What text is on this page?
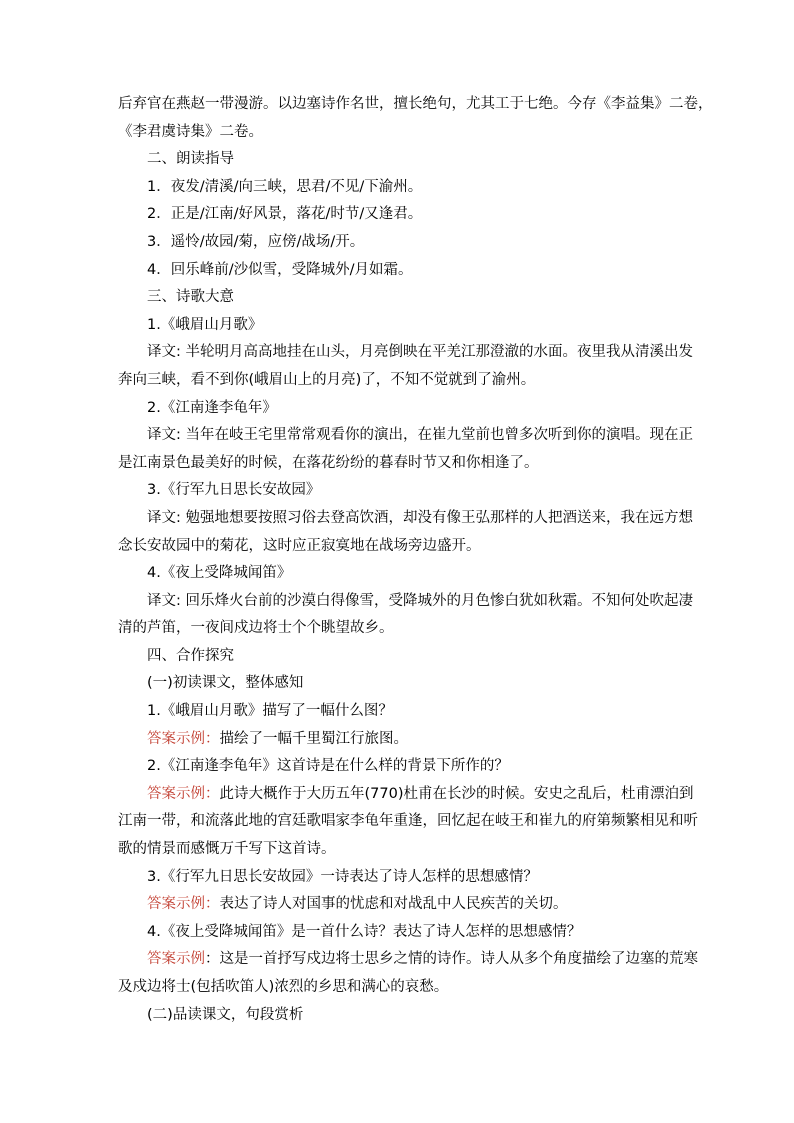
后弃官在燕赵一带漫游。以边塞诗作名世，擅长绝句，尤其工于七绝。今存《李益集》二卷，
《李君虞诗集》二卷。
二、朗读指导
1．夜发/清溪/向三峡，思君/不见/下渝州。
2．正是/江南/好风景，落花/时节/又逢君。
3．遥怜/故园/菊，应傍/战场/开。
4．回乐峰前/沙似雪，受降城外/月如霜。
三、诗歌大意
1.《峨眉山月歌》
译文: 半轮明月高高地挂在山头，月亮倒映在平羌江那澄澈的水面。夜里我从清溪出发
奔向三峡，看不到你(峨眉山上的月亮)了，不知不觉就到了渝州。
2.《江南逢李龟年》
译文: 当年在岐王宅里常常观看你的演出，在崔九堂前也曾多次听到你的演唱。现在正
是江南景色最美好的时候，在落花纷纷的暮春时节又和你相逢了。
3.《行军九日思长安故园》
译文: 勉强地想要按照习俗去登高饮酒，却没有像王弘那样的人把酒送来，我在远方想
念长安故园中的菊花，这时应正寂寞地在战场旁边盛开。
4.《夜上受降城闻笛》
译文: 回乐烽火台前的沙漠白得像雪，受降城外的月色惨白犹如秋霜。不知何处吹起凄
清的芦笛，一夜间戍边将士个个眺望故乡。
四、合作探究
(一)初读课文，整体感知
1.《峨眉山月歌》描写了一幅什么图？
答案示例：描绘了一幅千里蜀江行旅图。
2.《江南逢李龟年》这首诗是在什么样的背景下所作的？
答案示例：此诗大概作于大历五年(770)杜甫在长沙的时候。安史之乱后，杜甫漂泊到
江南一带，和流落此地的宫廷歌唱家李龟年重逢，回忆起在岐王和崔九的府第频繁相见和听
歌的情景而感慨万千写下这首诗。
3.《行军九日思长安故园》一诗表达了诗人怎样的思想感情？
答案示例：表达了诗人对国事的忧虑和对战乱中人民疾苦的关切。
4.《夜上受降城闻笛》是一首什么诗？表达了诗人怎样的思想感情？
答案示例：这是一首抒写戍边将士思乡之情的诗作。诗人从多个角度描绘了边塞的荒寒
及戍边将士(包括吹笛人)浓烈的乡思和满心的哀愁。
(二)品读课文，句段赏析
